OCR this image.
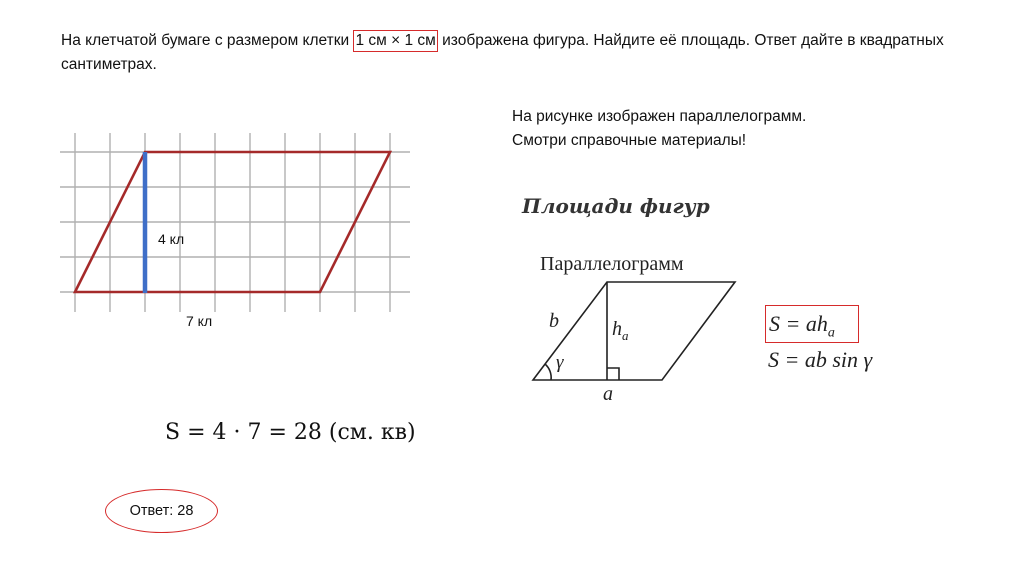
На клетчатой бумаге с размером клетки 1 см × 1 см изображена фигура. Найдите её площадь. Ответ дайте в квадратных сантиметрах.
На рисунке изображен параллелограмм.
Смотри справочные материалы!
4 кл
7 кл
S = 4 · 7 = 28 (см. кв)
Ответ: 28
Площади фигур
Параллелограмм
b
γ
$h_a$
a
$S = ah_a$
S = ab sin γ
